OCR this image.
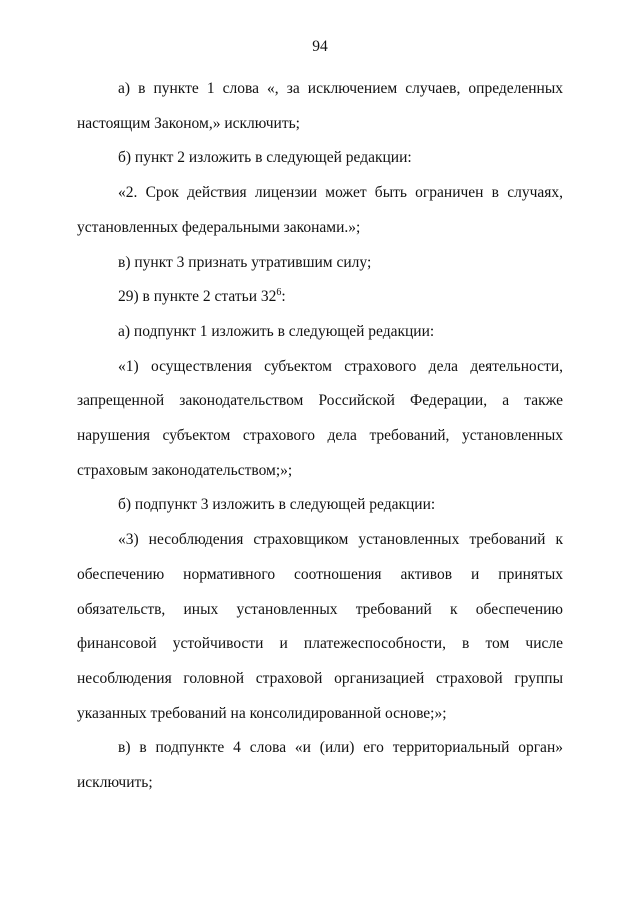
94

а) в пункте 1 слова «, за исключением случаев, определенных настоящим Законом,» исключить;

б) пункт 2 изложить в следующей редакции:

«2. Срок действия лицензии может быть ограничен в случаях, установленных федеральными законами.»;

в) пункт 3 признать утратившим силу;

29) в пункте 2 статьи $32^6$:

а) подпункт 1 изложить в следующей редакции:

«1) осуществления субъектом страхового дела деятельности, запрещенной законодательством Российской Федерации, а также нарушения субъектом страхового дела требований, установленных страховым законодательством;»;

б) подпункт 3 изложить в следующей редакции:

«3) несоблюдения страховщиком установленных требований к обеспечению нормативного соотношения активов и принятых обязательств, иных установленных требований к обеспечению финансовой устойчивости и платежеспособности, в том числе несоблюдения головной страховой организацией страховой группы указанных требований на консолидированной основе;»;

в) в подпункте 4 слова «и (или) его территориальный орган» исключить;
